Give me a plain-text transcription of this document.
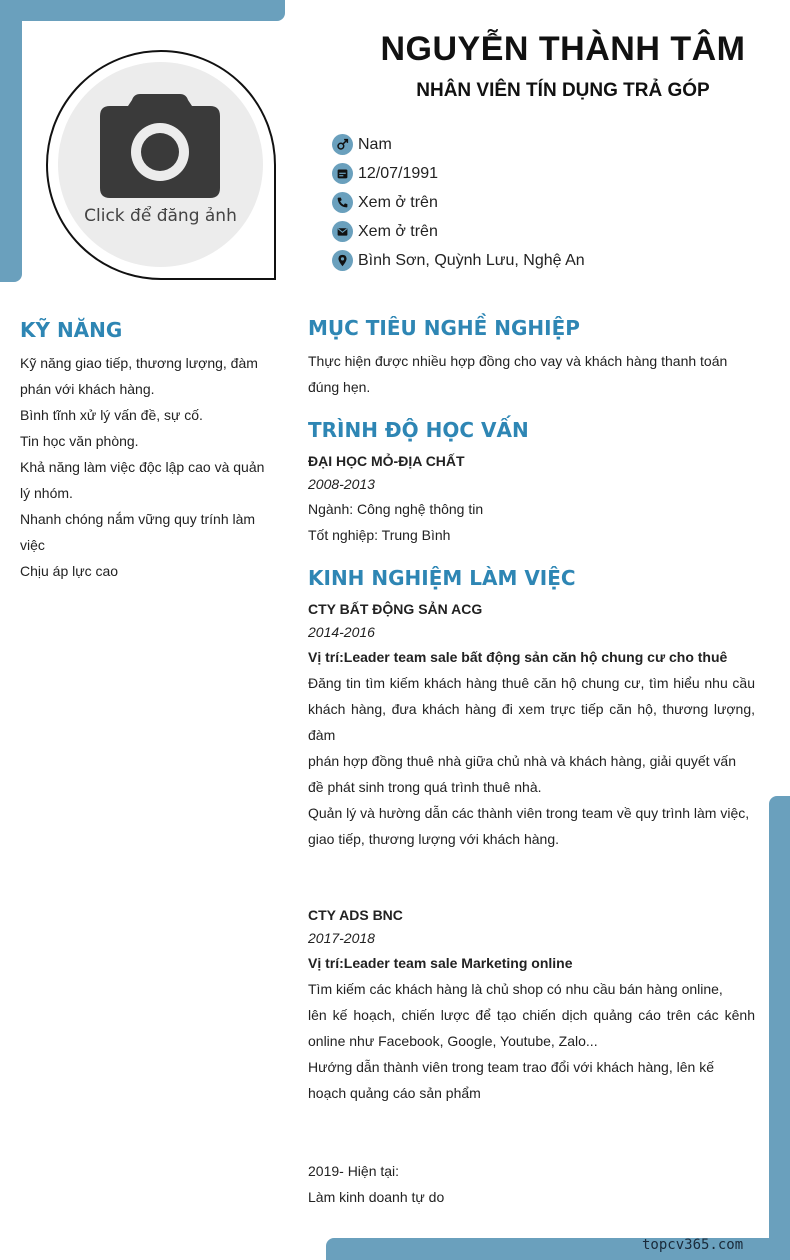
Click để đăng ảnh
NGUYỄN THÀNH TÂM
NHÂN VIÊN TÍN DỤNG TRẢ GÓP
Nam
12/07/1991
Xem ở trên
Xem ở trên
Bình Sơn, Quỳnh Lưu, Nghệ An
KỸ NĂNG
Kỹ năng giao tiếp, thương lượng, đàm phán với khách hàng.
Bình tĩnh xử lý vấn đề, sự cố.
Tin học văn phòng.
Khả năng làm việc độc lập cao và quản lý nhóm.
Nhanh chóng nắm vững quy trính làm việc
Chịu áp lực cao
MỤC TIÊU NGHỀ NGHIỆP
Thực hiện được nhiều hợp đồng cho vay và khách hàng thanh toán đúng hẹn.
TRÌNH ĐỘ HỌC VẤN
ĐẠI HỌC MỎ-ĐỊA CHẤT
2008-2013
Ngành: Công nghệ thông tin
Tốt nghiệp: Trung Bình
KINH NGHIỆM LÀM VIỆC
CTY BẤT ĐỘNG SẢN ACG
2014-2016
Vị trí:Leader team sale bất động sản căn hộ chung cư cho thuê
Đăng tin tìm kiếm khách hàng thuê căn hộ chung cư, tìm hiểu nhu cầu khách hàng, đưa khách hàng đi xem trực tiếp căn hộ, thương lượng, đàm
phán hợp đồng thuê nhà giữa chủ nhà và khách hàng, giải quyết vấn đề phát sinh trong quá trình thuê nhà.
Quản lý và hường dẫn các thành viên trong team về quy trình làm việc, giao tiếp, thương lượng với khách hàng.
CTY ADS BNC
2017-2018
Vị trí:Leader team sale Marketing online
Tìm kiếm các khách hàng là chủ shop có nhu cầu bán hàng online,
lên kế hoạch, chiến lược để tạo chiến dịch quảng cáo trên các kênh online như Facebook, Google, Youtube, Zalo...
Hướng dẫn thành viên trong team trao đổi với khách hàng, lên kế hoạch quảng cáo sản phẩm
2019- Hiện tại:
Làm kinh doanh tự do
topcv365.com
